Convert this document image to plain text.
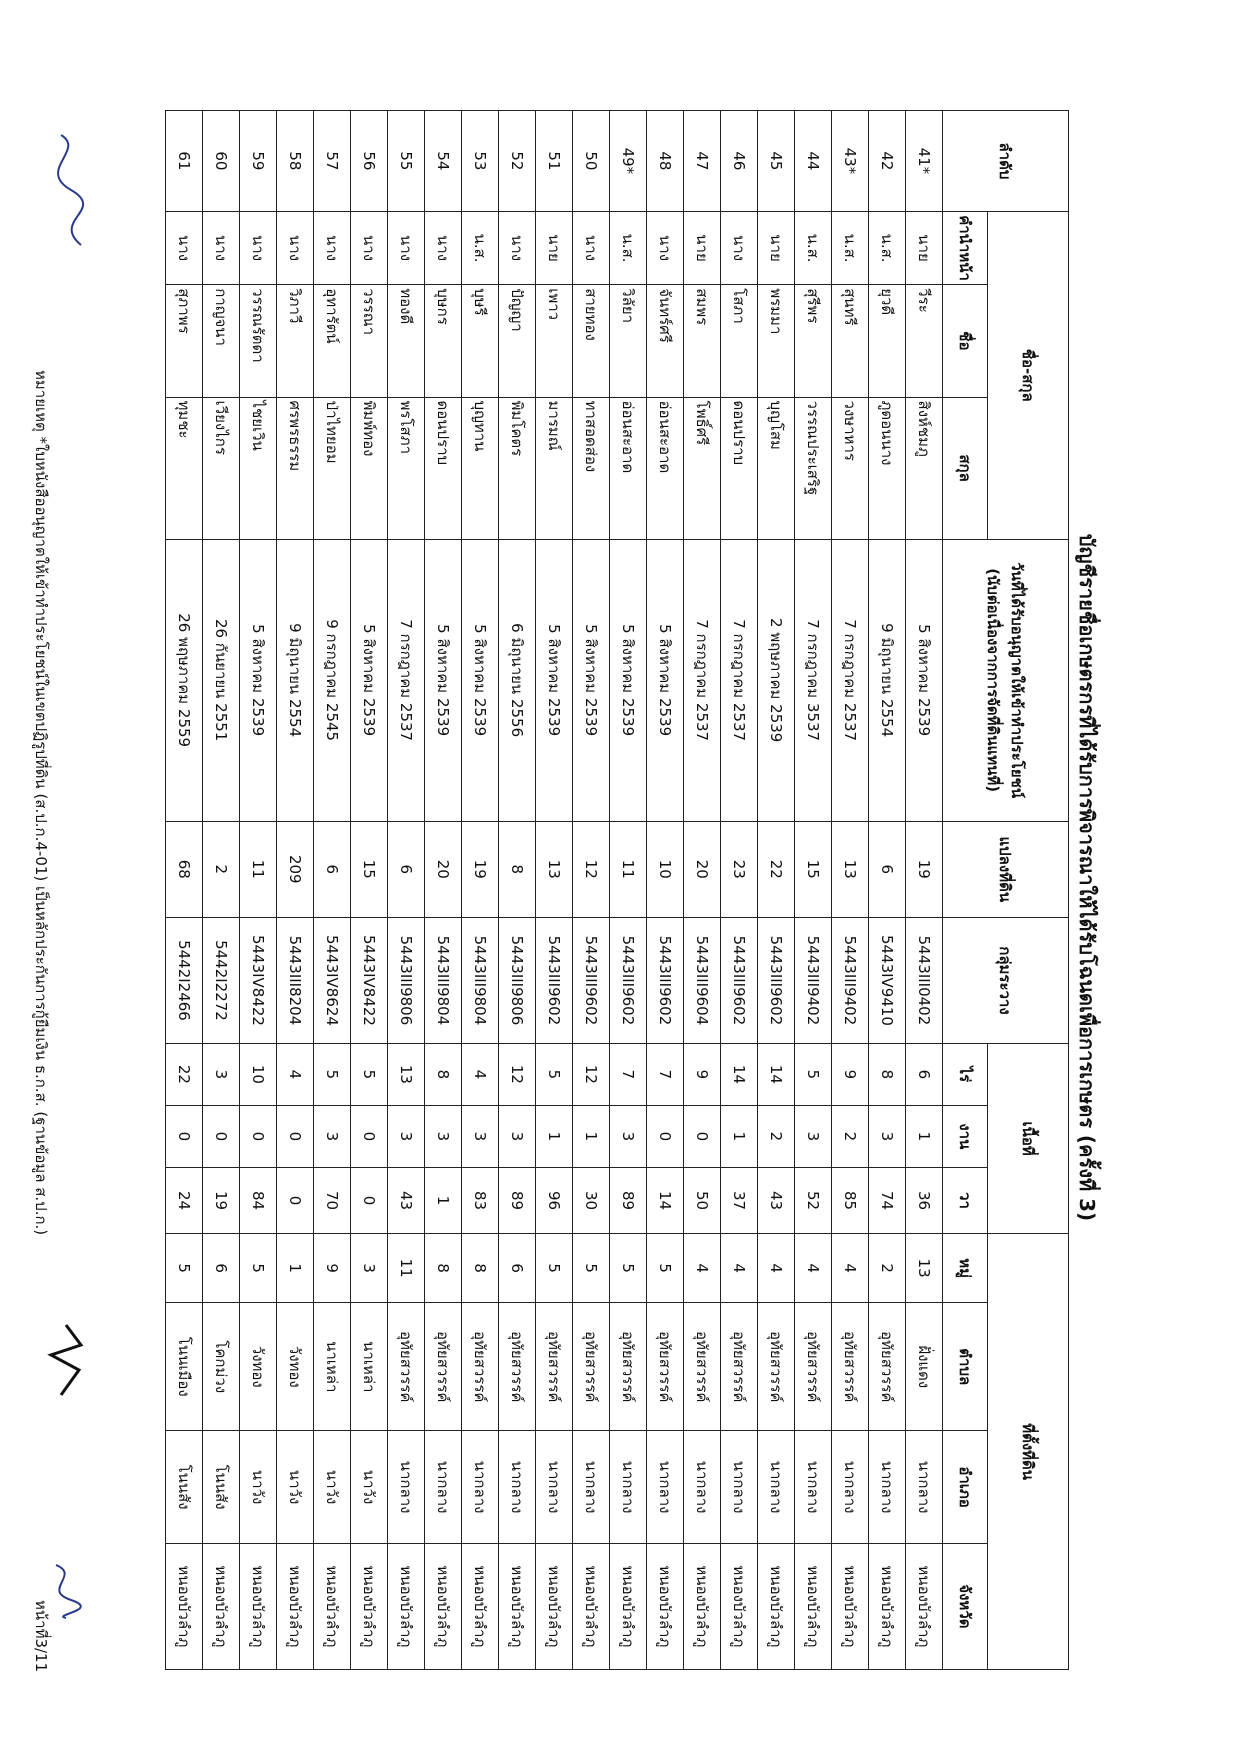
บัญชีรายชื่อเกษตรกรที่ได้รับการพิจารณาให้ได้รับโฉนดเพื่อการเกษตร (ครั้งที่ 3)
ลำดับ	ชื่อ-สกุล			วันที่ได้รับอนุญาตให้เข้าทำประโยชน์
(นับต่อเนื่องจากการจัดที่ดินแทนที่)	แปลงที่ดิน	กลุ่มระวาง	เนื้อที่			ที่ตั้งที่ดิน			
	คำนำหน้า	ชื่อ	สกุล				ไร่	งาน	วา	หมู่	ตำบล	อำเภอ	จังหวัด
41*	นาย	วีระ	สิงห์ชมภู	5 สิงหาคม 2539	19	5443III0402	6	1	36	13	ฝั่งแดง	นากลาง	หนองบัวลำภู
42	น.ส.	ยุวดี	ภูดอนนาง	9 มิถุนายน 2554	6	5443IV9410	8	3	74	2	อุทัยสวรรค์	นากลาง	หนองบัวลำภู
43*	น.ส.	สุนทรี	วงษาหาร	7 กรกฎาคม 2537	13	5443III9402	9	2	85	4	อุทัยสวรรค์	นากลาง	หนองบัวลำภู
44	น.ส.	สุรีพร	วรรณประเสริฐ	7 กรกฎาคม 3537	15	5443III9402	5	3	52	4	อุทัยสวรรค์	นากลาง	หนองบัวลำภู
45	นาย	พรมมา	บุญโสม	2 พฤษภาคม 2539	22	5443III9602	14	2	43	4	อุทัยสวรรค์	นากลาง	หนองบัวลำภู
46	นาง	โสภา	ดอนปราบ	7 กรกฎาคม 2537	23	5443III9602	14	1	37	4	อุทัยสวรรค์	นากลาง	หนองบัวลำภู
47	นาย	สมพร	โพธิ์ศรี	7 กรกฎาคม 2537	20	5443III9604	9	0	50	4	อุทัยสวรรค์	นากลาง	หนองบัวลำภู
48	นาง	จันทร์ศรี	อ่อนสะอาด	5 สิงหาคม 2539	10	5443III9602	7	0	14	5	อุทัยสวรรค์	นากลาง	หนองบัวลำภู
49*	น.ส.	วิลัยา	อ่อนสะอาด	5 สิงหาคม 2539	11	5443III9602	7	3	89	5	อุทัยสวรรค์	นากลาง	หนองบัวลำภู
50	นาง	สายทอง	ทาสอดส่อง	5 สิงหาคม 2539	12	5443III9602	12	1	30	5	อุทัยสวรรค์	นากลาง	หนองบัวลำภู
51	นาย	เพาว	มารมณ์	5 สิงหาคม 2539	13	5443III9602	5	1	96	5	อุทัยสวรรค์	นากลาง	หนองบัวลำภู
52	นาง	ปัญญา	พิมโคตร	6 มิถุนายน 2556	8	5443III9806	12	3	89	6	อุทัยสวรรค์	นากลาง	หนองบัวลำภู
53	น.ส.	บุษรี	บุญทาน	5 สิงหาคม 2539	19	5443III9804	4	3	83	8	อุทัยสวรรค์	นากลาง	หนองบัวลำภู
54	นาง	บุษกร	ดอนปราบ	5 สิงหาคม 2539	20	5443III9804	8	3	1	8	อุทัยสวรรค์	นากลาง	หนองบัวลำภู
55	นาง	ทองดี	พรโสภา	7 กรกฎาคม 2537	6	5443III9806	13	3	43	11	อุทัยสวรรค์	นากลาง	หนองบัวลำภู
56	นาง	วรรณา	พิมพ์ทอง	5 สิงหาคม 2539	15	5443IV8422	5	0	0	3	นาเหล่า	นาวัง	หนองบัวลำภู
57	นาง	อุทารัตน์	ป่าไทยอม	9 กรกฎาคม 2545	6	5443IV8624	5	3	70	9	นาเหล่า	นาวัง	หนองบัวลำภู
58	นาง	วิภาวี	ศรพรธรรม	9 มิถุนายน 2554	209	5443III8204	4	0	0	1	วังทอง	นาวัง	หนองบัวลำภู
59	นาง	วรรณรัตดา	ไชยเวิน	5 สิงหาคม 2539	11	5443IV8422	10	0	84	5	วังทอง	นาวัง	หนองบัวลำภู
60	นาง	กาญจนา	เวียงไกร	26 กันยายน 2551	2	5442I2272	3	0	19	6	โคกม่วง	โนนสัง	หนองบัวลำภู
61	นาง	สุภาพร	ทุมชะ	26 พฤษภาคม 2559	68	5442I2466	22	0	24	5	โนนเมือง	โนนสัง	หนองบัวลำภู
หมายเหตุ *ใบหนังสืออนุญาตให้เข้าทำประโยชน์ในเขตปฏิรูปที่ดิน (ส.ป.ก.4-01) เป็นหลักประกันการกู้ยืมเงิน ธ.ก.ส. (ฐานข้อมูล ส.ป.ก.)
หน้าที่3/11
